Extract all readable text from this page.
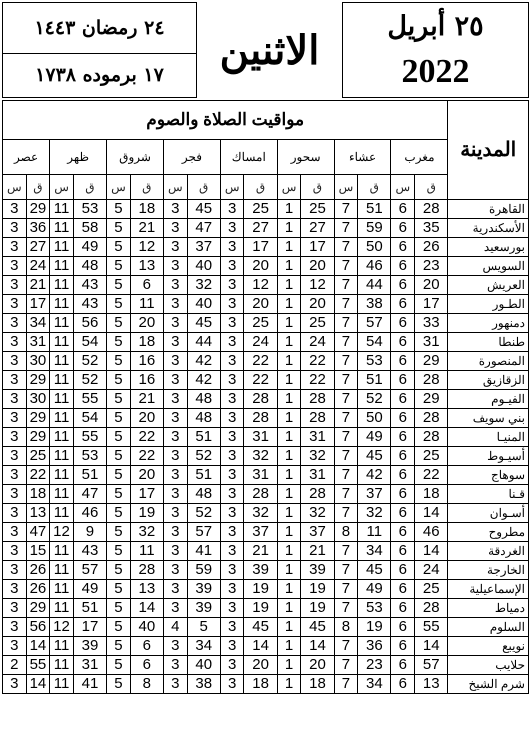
٢٤ رمضان ١٤٤٣
١٧ برموده ١٧٣٨
الاثنين
٢٥ أبريل
2022
مواقيت الصلاة والصوم																المدينة
عصر		ظهر		شروق		فجر		امساك		سحور		عشاء		مغرب		
س	ق	س	ق	س	ق	س	ق	س	ق	س	ق	س	ق	س	ق	
3	29	11	53	5	18	3	45	3	25	1	25	7	51	6	28	القاهرة
3	36	11	58	5	21	3	47	3	27	1	27	7	59	6	35	الأسكندرية
3	27	11	49	5	12	3	37	3	17	1	17	7	50	6	26	بورسعيد
3	24	11	48	5	13	3	40	3	20	1	20	7	46	6	23	السويس
3	21	11	43	5	6	3	32	3	12	1	12	7	44	6	20	العريش
3	17	11	43	5	11	3	40	3	20	1	20	7	38	6	17	الطـور
3	34	11	56	5	20	3	45	3	25	1	25	7	57	6	33	دمنهور
3	31	11	54	5	18	3	44	3	24	1	24	7	54	6	31	طنطا
3	30	11	52	5	16	3	42	3	22	1	22	7	53	6	29	المنصورة
3	29	11	52	5	16	3	42	3	22	1	22	7	51	6	28	الزقازيق
3	30	11	55	5	21	3	48	3	28	1	28	7	52	6	29	الفيـوم
3	29	11	54	5	20	3	48	3	28	1	28	7	50	6	28	بني سويف
3	29	11	55	5	22	3	51	3	31	1	31	7	49	6	28	المنيـا
3	25	11	53	5	22	3	52	3	32	1	32	7	45	6	25	أسيـوط
3	22	11	51	5	20	3	51	3	31	1	31	7	42	6	22	سوهاج
3	18	11	47	5	17	3	48	3	28	1	28	7	37	6	18	قـنا
3	13	11	46	5	19	3	52	3	32	1	32	7	32	6	14	أسـوان
3	47	12	9	5	32	3	57	3	37	1	37	8	11	6	46	مطروح
3	15	11	43	5	11	3	41	3	21	1	21	7	34	6	14	الغردقة
3	26	11	57	5	28	3	59	3	39	1	39	7	45	6	24	الخارجة
3	26	11	49	5	13	3	39	3	19	1	19	7	49	6	25	الإسماعيلية
3	29	11	51	5	14	3	39	3	19	1	19	7	53	6	28	دمياط
3	56	12	17	5	40	4	5	3	45	1	45	8	19	6	55	السلوم
3	14	11	39	5	6	3	34	3	14	1	14	7	36	6	14	نويبع
2	55	11	31	5	6	3	40	3	20	1	20	7	23	6	57	حلايب
3	14	11	41	5	8	3	38	3	18	1	18	7	34	6	13	شرم الشيخ
